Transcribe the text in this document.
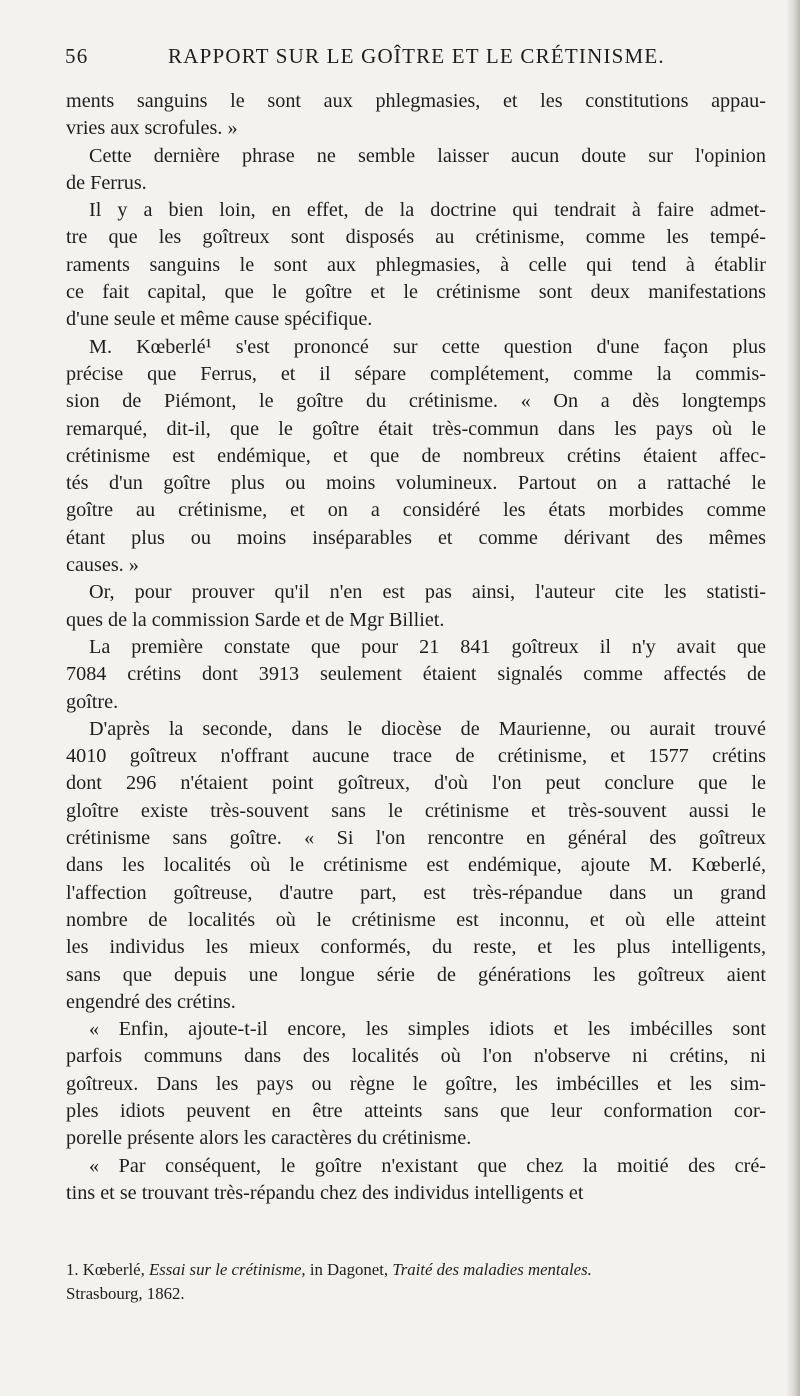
56	RAPPORT SUR LE GOÎTRE ET LE CRÉTINISME.
ments sanguins le sont aux phlegmasies, et les constitutions appau-
vries aux scrofules. »
Cette dernière phrase ne semble laisser aucun doute sur l'opinion
de Ferrus.
Il y a bien loin, en effet, de la doctrine qui tendrait à faire admet-
tre que les goîtreux sont disposés au crétinisme, comme les tempé-
raments sanguins le sont aux phlegmasies, à celle qui tend à établir
ce fait capital, que le goître et le crétinisme sont deux manifestations
d'une seule et même cause spécifique.
M. Kœberlé¹ s'est prononcé sur cette question d'une façon plus
précise que Ferrus, et il sépare complétement, comme la commis-
sion de Piémont, le goître du crétinisme. « On a dès longtemps
remarqué, dit-il, que le goître était très-commun dans les pays où le
crétinisme est endémique, et que de nombreux crétins étaient affec-
tés d'un goître plus ou moins volumineux. Partout on a rattaché le
goître au crétinisme, et on a considéré les états morbides comme
étant plus ou moins inséparables et comme dérivant des mêmes
causes. »
Or, pour prouver qu'il n'en est pas ainsi, l'auteur cite les statisti-
ques de la commission Sarde et de Mgr Billiet.
La première constate que pour 21 841 goîtreux il n'y avait que
7084 crétins dont 3913 seulement étaient signalés comme affectés de
goître.
D'après la seconde, dans le diocèse de Maurienne, ou aurait trouvé
4010 goîtreux n'offrant aucune trace de crétinisme, et 1577 crétins
dont 296 n'étaient point goîtreux, d'où l'on peut conclure que le
gloître existe très-souvent sans le crétinisme et très-souvent aussi le
crétinisme sans goître. « Si l'on rencontre en général des goîtreux
dans les localités où le crétinisme est endémique, ajoute M. Kœberlé,
l'affection goîtreuse, d'autre part, est très-répandue dans un grand
nombre de localités où le crétinisme est inconnu, et où elle atteint
les individus les mieux conformés, du reste, et les plus intelligents,
sans que depuis une longue série de générations les goîtreux aient
engendré des crétins.
« Enfin, ajoute-t-il encore, les simples idiots et les imbécilles sont
parfois communs dans des localités où l'on n'observe ni crétins, ni
goîtreux. Dans les pays ou règne le goître, les imbécilles et les sim-
ples idiots peuvent en être atteints sans que leur conformation cor-
porelle présente alors les caractères du crétinisme.
« Par conséquent, le goître n'existant que chez la moitié des cré-
tins et se trouvant très-répandu chez des individus intelligents et

1. Kœberlé, Essai sur le crétinisme, in Dagonet, Traité des maladies mentales.

Strasbourg, 1862.
